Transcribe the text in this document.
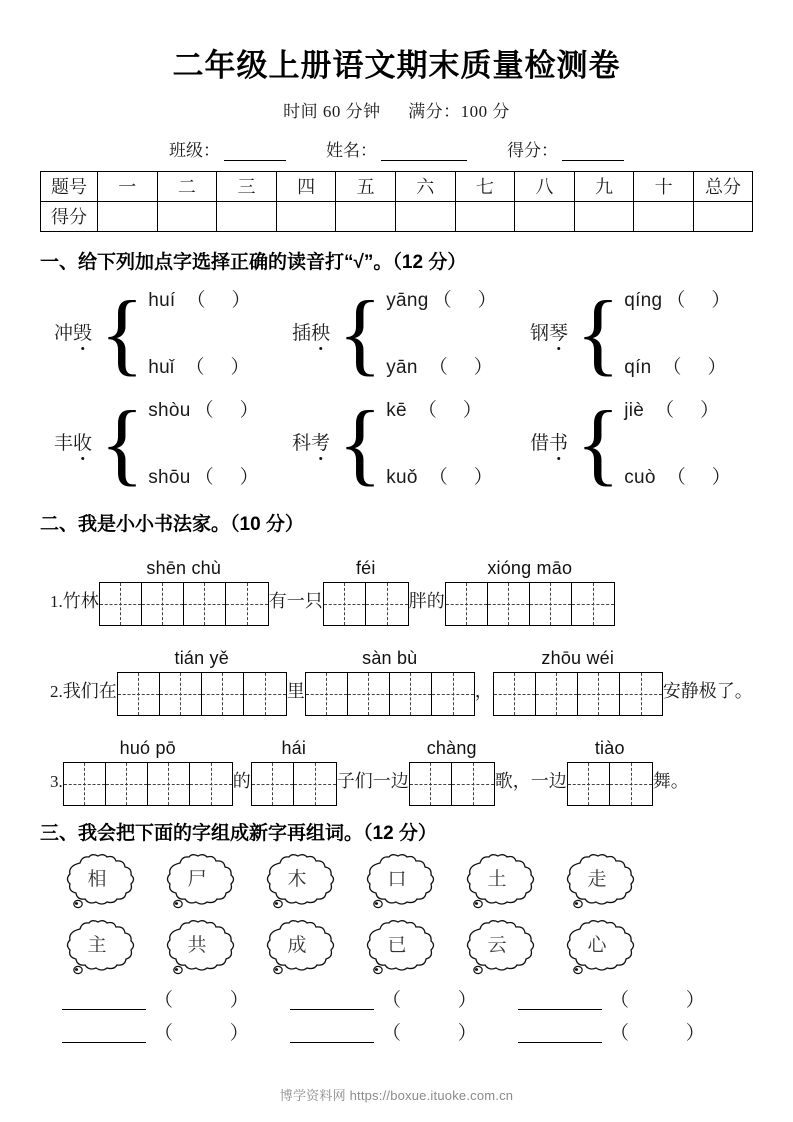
二年级上册语文期末质量检测卷
时间 60 分钟 满分：100 分
班级：	姓名：	得分：
题号	一	二	三	四	五	六	七	八	九	十	总分
得分											
一、给下列加点字选择正确的读音打“√”。（12 分）
冲毁 { huí （ ）
huǐ （ ）
插秧 { yāng （ ）
yān （ ）
钢琴 { qíng （ ）
qín （ ）
丰收 { shòu （ ）
shōu （ ）
科考 { kē （ ）
kuǒ （ ）
借书 { jiè （ ）
cuò （ ）
二、我是小小书法家。（10 分）
1. 竹林
shēn chù
有一只
féi
胖的
xióng māo
2. 我们在
tián yě
里
sàn bù
，
zhōu wéi
安静极了。
3.
huó pō
的
hái
子们一边
chàng
歌，一边
tiào
舞。
三、我会把下面的字组成新字再组词。（12 分）
相	尸	木	口	土	走
主	共	成	已	云	心
（ ）	（ ）	（ ）
（ ）	（ ）	（ ）
博学资料网 https://boxue.ituoke.com.cn
